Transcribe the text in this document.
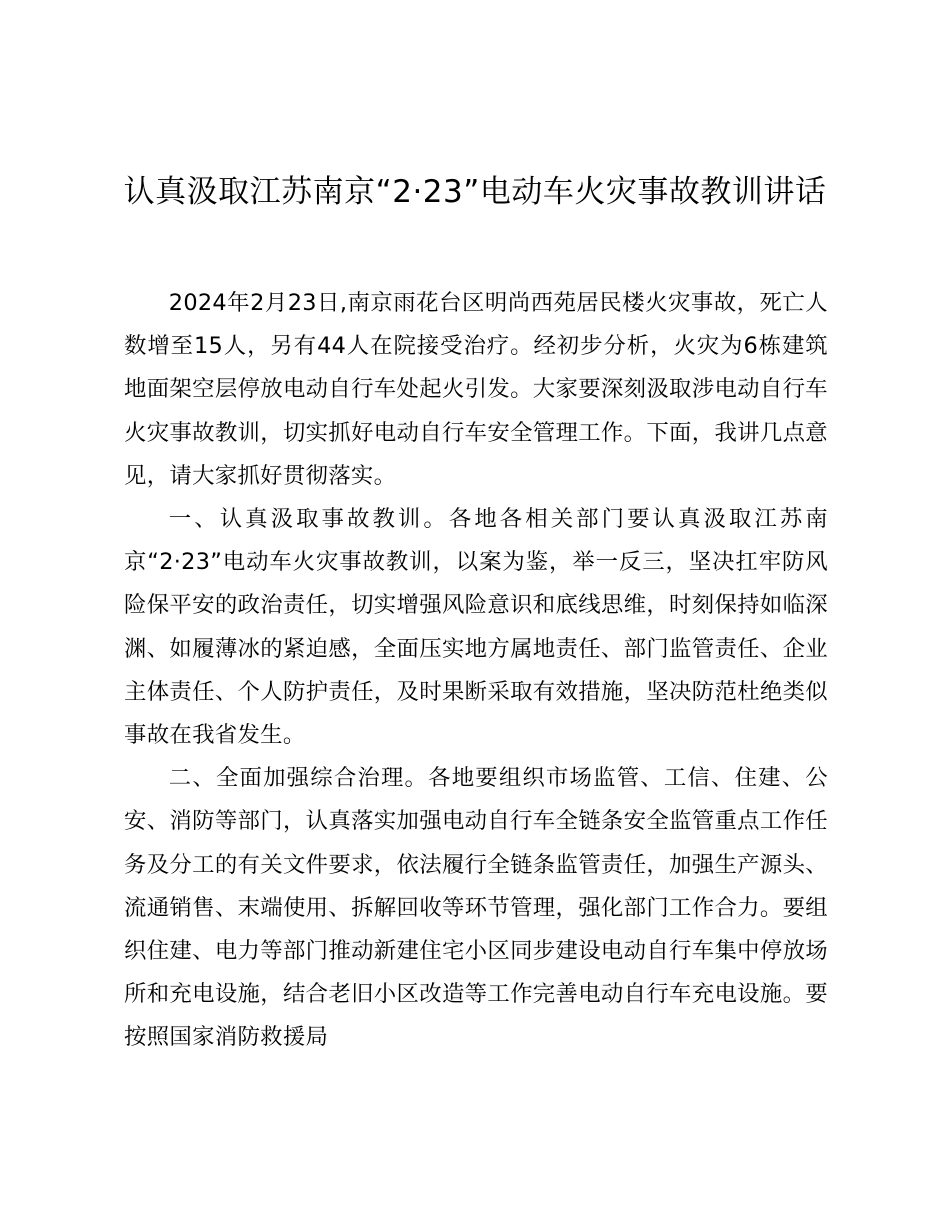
认真汲取江苏南京“2·23”电动车火灾事故教训讲话

2024年2月23日,南京雨花台区明尚西苑居民楼火灾事故，死亡人数增至15人，另有44人在院接受治疗。经初步分析，火灾为6栋建筑地面架空层停放电动自行车处起火引发。大家要深刻汲取涉电动自行车火灾事故教训，切实抓好电动自行车安全管理工作。下面，我讲几点意见，请大家抓好贯彻落实。

一、认真汲取事故教训。各地各相关部门要认真汲取江苏南京“2·23”电动车火灾事故教训，以案为鉴，举一反三，坚决扛牢防风险保平安的政治责任，切实增强风险意识和底线思维，时刻保持如临深渊、如履薄冰的紧迫感，全面压实地方属地责任、部门监管责任、企业主体责任、个人防护责任，及时果断采取有效措施，坚决防范杜绝类似事故在我省发生。

二、全面加强综合治理。各地要组织市场监管、工信、住建、公安、消防等部门，认真落实加强电动自行车全链条安全监管重点工作任务及分工的有关文件要求，依法履行全链条监管责任，加强生产源头、流通销售、末端使用、拆解回收等环节管理，强化部门工作合力。要组织住建、电力等部门推动新建住宅小区同步建设电动自行车集中停放场所和充电设施，结合老旧小区改造等工作完善电动自行车充电设施。要按照国家消防救援局
